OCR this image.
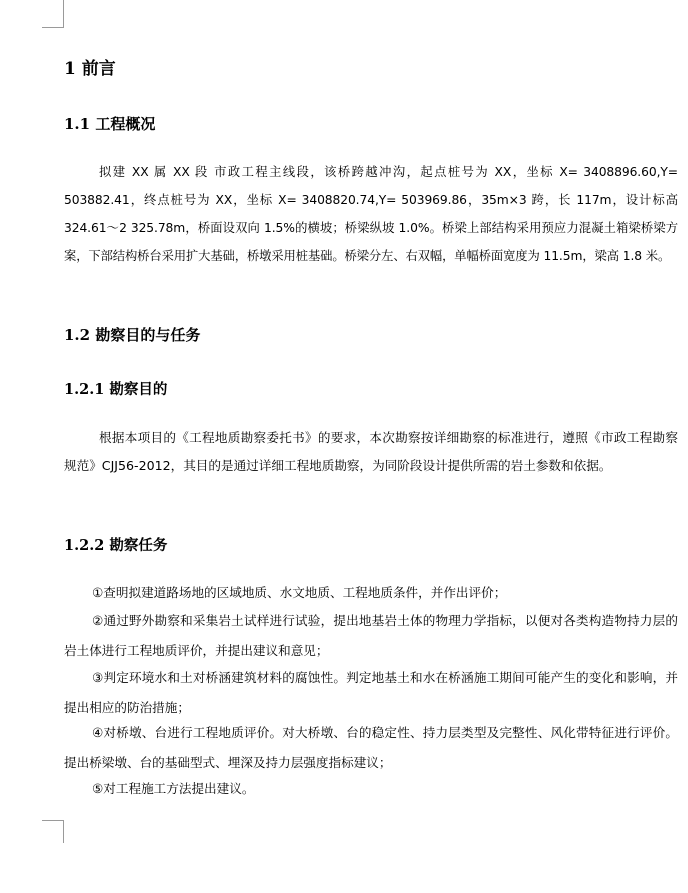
1 前言
1.1 工程概况

拟建 XX 属 XX 段 市政工程主线段，该桥跨越冲沟，起点桩号为 XX，坐标 X= 3408896.60,Y= 503882.41，终点桩号为 XX，坐标 X= 3408820.74,Y= 503969.86，35m×3 跨，长 117m，设计标高 324.61～2 325.78m，桥面设双向 1.5%的横坡；桥梁纵坡 1.0%。桥梁上部结构采用预应力混凝土箱梁桥梁方案，下部结构桥台采用扩大基础，桥墩采用桩基础。桥梁分左、右双幅，单幅桥面宽度为 11.5m，梁高 1.8 米。

1.2 勘察目的与任务
1.2.1 勘察目的

根据本项目的《工程地质勘察委托书》的要求，本次勘察按详细勘察的标准进行，遵照《市政工程勘察规范》CJJ56-2012，其目的是通过详细工程地质勘察，为同阶段设计提供所需的岩土参数和依据。

1.2.2 勘察任务

①查明拟建道路场地的区域地质、水文地质、工程地质条件，并作出评价；

②通过野外勘察和采集岩土试样进行试验，提出地基岩土体的物理力学指标，以便对各类构造物持力层的岩土体进行工程地质评价，并提出建议和意见；

③判定环境水和土对桥涵建筑材料的腐蚀性。判定地基土和水在桥涵施工期间可能产生的变化和影响，并提出相应的防治措施；

④对桥墩、台进行工程地质评价。对大桥墩、台的稳定性、持力层类型及完整性、风化带特征进行评价。提出桥梁墩、台的基础型式、埋深及持力层强度指标建议；

⑤对工程施工方法提出建议。
